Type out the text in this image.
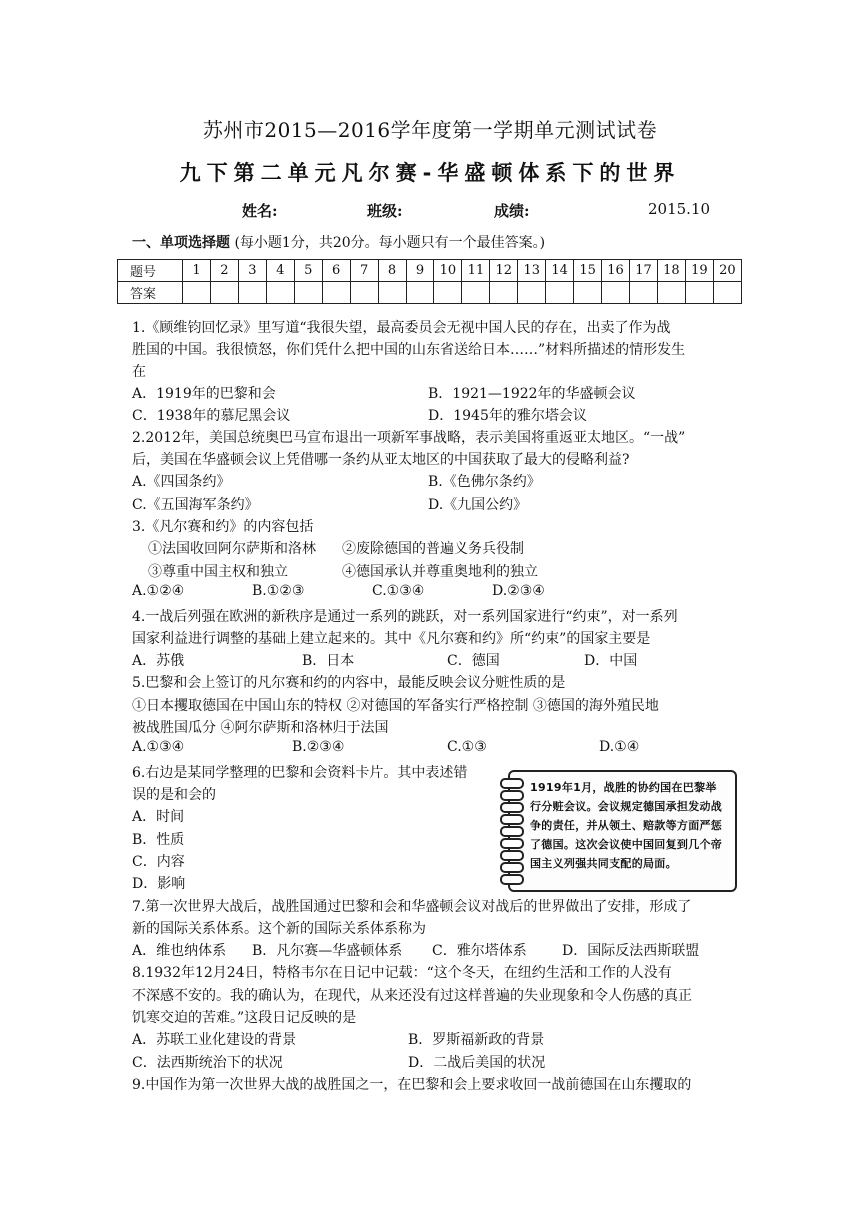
苏州市2015—2016学年度第一学期单元测试试卷
九下第二单元凡尔赛-华盛顿体系下的世界
姓名:	班级:	成绩:	2015.10
一、单项选择题 (每小题1分，共20分。每小题只有一个最佳答案。)
题号	1	2	3	4	5	6	7	8	9	10	11	12	13	14	15	16	17	18	19	20
答案																				
1.《顾维钧回忆录》里写道“我很失望，最高委员会无视中国人民的存在，出卖了作为战
胜国的中国。我很愤怒，你们凭什么把中国的山东省送给日本……”材料所描述的情形发生
在
A．1919年的巴黎和会	B．1921—1922年的华盛顿会议
C．1938年的慕尼黑会议	D．1945年的雅尔塔会议
2.2012年，美国总统奥巴马宣布退出一项新军事战略，表示美国将重返亚太地区。“一战”
后，美国在华盛顿会议上凭借哪一条约从亚太地区的中国获取了最大的侵略利益?
A.《四国条约》	B.《色佛尔条约》
C.《五国海军条约》	D.《九国公约》
3.《凡尔赛和约》的内容包括
①法国收回阿尔萨斯和洛林 ②废除德国的普遍义务兵役制
③尊重中国主权和独立	④德国承认并尊重奥地利的独立
A.①②④	B.①②③	C.①③④	D.②③④
4.一战后列强在欧洲的新秩序是通过一系列的跳跃，对一系列国家进行“约束”，对一系列
国家利益进行调整的基础上建立起来的。其中《凡尔赛和约》所“约束”的国家主要是
A．苏俄	B．日本	C．德国	D．中国
5.巴黎和会上签订的凡尔赛和约的内容中，最能反映会议分赃性质的是
①日本攫取德国在中国山东的特权 ②对德国的军备实行严格控制 ③德国的海外殖民地
被战胜国瓜分 ④阿尔萨斯和洛林归于法国
A.①③④	B.②③④	C.①③	D.①④
6.右边是某同学整理的巴黎和会资料卡片。其中表述错
误的是和会的
A．时间
B．性质
C．内容
D．影响
1919年1月，战胜的协约国在巴黎举行分赃会议。会议规定德国承担发动战争的责任，并从领土、赔款等方面严惩了德国。这次会议使中国回复到几个帝国主义列强共同支配的局面。
7.第一次世界大战后，战胜国通过巴黎和会和华盛顿会议对战后的世界做出了安排，形成了
新的国际关系体系。这个新的国际关系体系称为
A．维也纳体系 B．凡尔赛—华盛顿体系 C．雅尔塔体系	D．国际反法西斯联盟
8.1932年12月24日，特格韦尔在日记中记载：“这个冬天，在纽约生活和工作的人没有
不深感不安的。我的确认为，在现代，从来还没有过这样普遍的失业现象和令人伤感的真正
饥寒交迫的苦难。”这段日记反映的是
A．苏联工业化建设的背景	B．罗斯福新政的背景
C．法西斯统治下的状况	D．二战后美国的状况
9.中国作为第一次世界大战的战胜国之一，在巴黎和会上要求收回一战前德国在山东攫取的
